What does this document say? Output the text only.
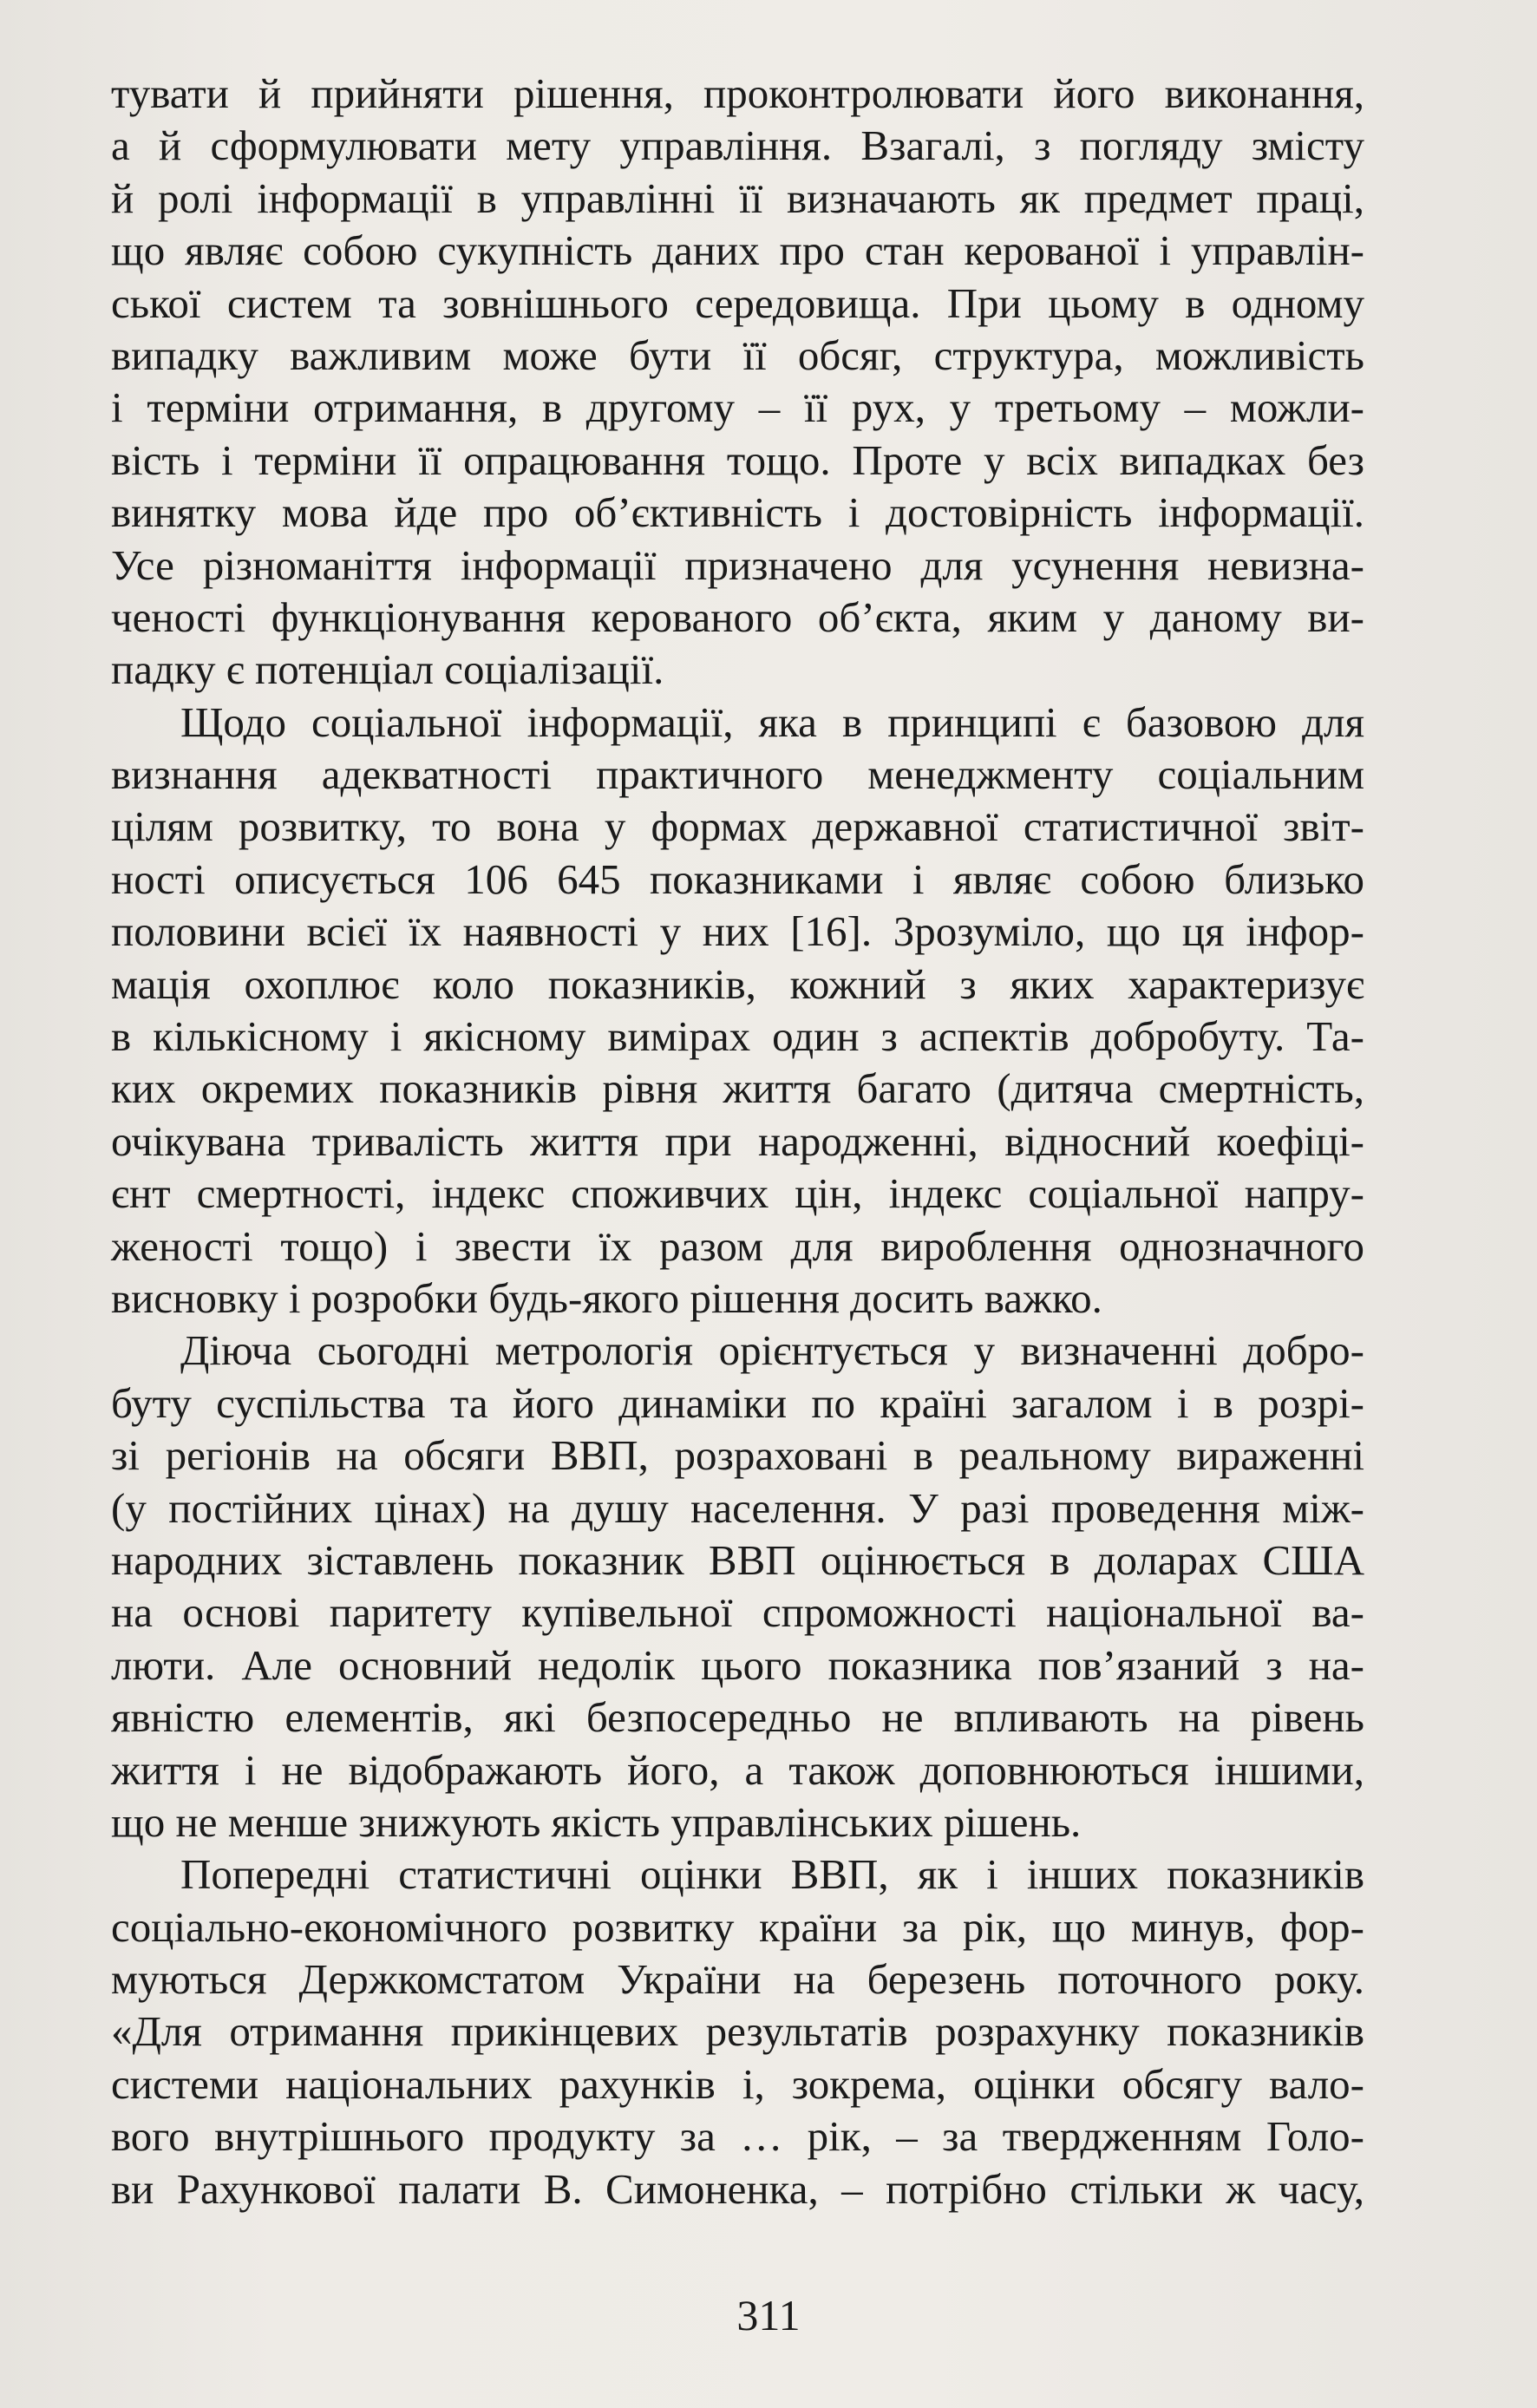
тувати й прийняти рішення, проконтролювати його виконання,
а й сформулювати мету управління. Взагалі, з погляду змісту
й ролі інформації в управлінні її визначають як предмет праці,
що являє собою сукупність даних про стан керованої і управлін-
ської систем та зовнішнього середовища. При цьому в одному
випадку важливим може бути її обсяг, структура, можливість
і терміни отримання, в другому – її рух, у третьому – можли-
вість і терміни її опрацювання тощо. Проте у всіх випадках без
винятку мова йде про об’єктивність і достовірність інформації.
Усе різноманіття інформації призначено для усунення невизна-
ченості функціонування керованого об’єкта, яким у даному ви-
падку є потенціал соціалізації.
Щодо соціальної інформації, яка в принципі є базовою для
визнання адекватності практичного менеджменту соціальним
цілям розвитку, то вона у формах державної статистичної звіт-
ності описується 106 645 показниками і являє собою близько
половини всієї їх наявності у них [16]. Зрозуміло, що ця інфор-
мація охоплює коло показників, кожний з яких характеризує
в кількісному і якісному вимірах один з аспектів добробуту. Та-
ких окремих показників рівня життя багато (дитяча смертність,
очікувана тривалість життя при народженні, відносний коефіці-
єнт смертності, індекс споживчих цін, індекс соціальної напру-
женості тощо) і звести їх разом для вироблення однозначного
висновку і розробки будь-якого рішення досить важко.
Діюча сьогодні метрологія орієнтується у визначенні добро-
буту суспільства та його динаміки по країні загалом і в розрі-
зі регіонів на обсяги ВВП, розраховані в реальному вираженні
(у постійних цінах) на душу населення. У разі проведення між-
народних зіставлень показник ВВП оцінюється в доларах США
на основі паритету купівельної спроможності національної ва-
люти. Але основний недолік цього показника пов’язаний з на-
явністю елементів, які безпосередньо не впливають на рівень
життя і не відображають його, а також доповнюються іншими,
що не менше знижують якість управлінських рішень.
Попередні статистичні оцінки ВВП, як і інших показників
соціально-економічного розвитку країни за рік, що минув, фор-
муються Держкомстатом України на березень поточного року.
«Для отримання прикінцевих результатів розрахунку показників
системи національних рахунків і, зокрема, оцінки обсягу вало-
вого внутрішнього продукту за … рік, – за твердженням Голо-
ви Рахункової палати В. Симоненка, – потрібно стільки ж часу,
311
